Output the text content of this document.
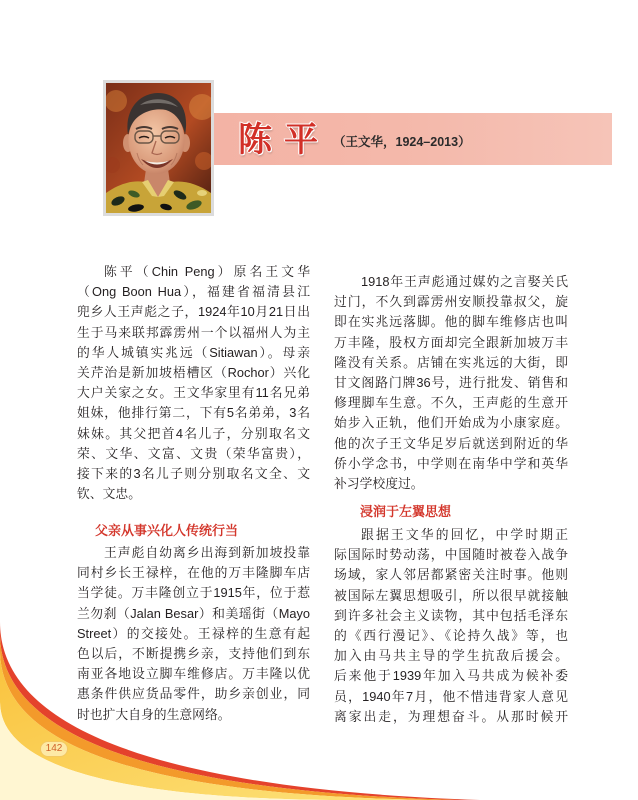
陈平 （王文华，1924–2013）
陈平（Chin Peng）原名王文华
（Ong Boon Hua），福建省福清县江
兜乡人王声彪之子，1924年10月21日出
生于马来联邦霹雳州一个以福州人为主
的华人城镇实兆远（Sitiawan）。母亲
关芹治是新加坡梧槽区（Rochor）兴化
大户关家之女。王文华家里有11名兄弟
姐妹，他排行第二，下有5名弟弟，3名
妹妹。其父把首4名儿子，分别取名文
荣、文华、文富、文贵（荣华富贵），
接下来的3名儿子则分别取名文全、文
钦、文忠。
父亲从事兴化人传统行当
王声彪自幼离乡出海到新加坡投靠
同村乡长王禄梓，在他的万丰隆脚车店
当学徒。万丰隆创立于1915年，位于惹
兰勿刹（Jalan Besar）和美瑶街（Mayo
Street）的交接处。王禄梓的生意有起
色以后，不断提携乡亲，支持他们到东
南亚各地设立脚车维修店。万丰隆以优
惠条件供应货品零件，助乡亲创业，同
时也扩大自身的生意网络。
1918年王声彪通过媒妁之言娶关氏
过门，不久到霹雳州安顺投靠叔父，旋
即在实兆远落脚。他的脚车维修店也叫
万丰隆，股权方面却完全跟新加坡万丰
隆没有关系。店铺在实兆远的大街，即
甘文阁路门牌36号，进行批发、销售和
修理脚车生意。不久，王声彪的生意开
始步入正轨，他们开始成为小康家庭。
他的次子王文华足岁后就送到附近的华
侨小学念书，中学则在南华中学和英华
补习学校度过。
浸润于左翼思想
跟据王文华的回忆，中学时期正
际国际时势动荡，中国随时被卷入战争
场域，家人邻居都紧密关注时事。他则
被国际左翼思想吸引，所以很早就接触
到许多社会主义读物，其中包括毛泽东
的《西行漫记》、《论持久战》等，也
加入由马共主导的学生抗敌后援会。
后来他于1939年加入马共成为候补委
员，1940年7月，他不惜违背家人意见
离家出走，为理想奋斗。从那时候开
142
